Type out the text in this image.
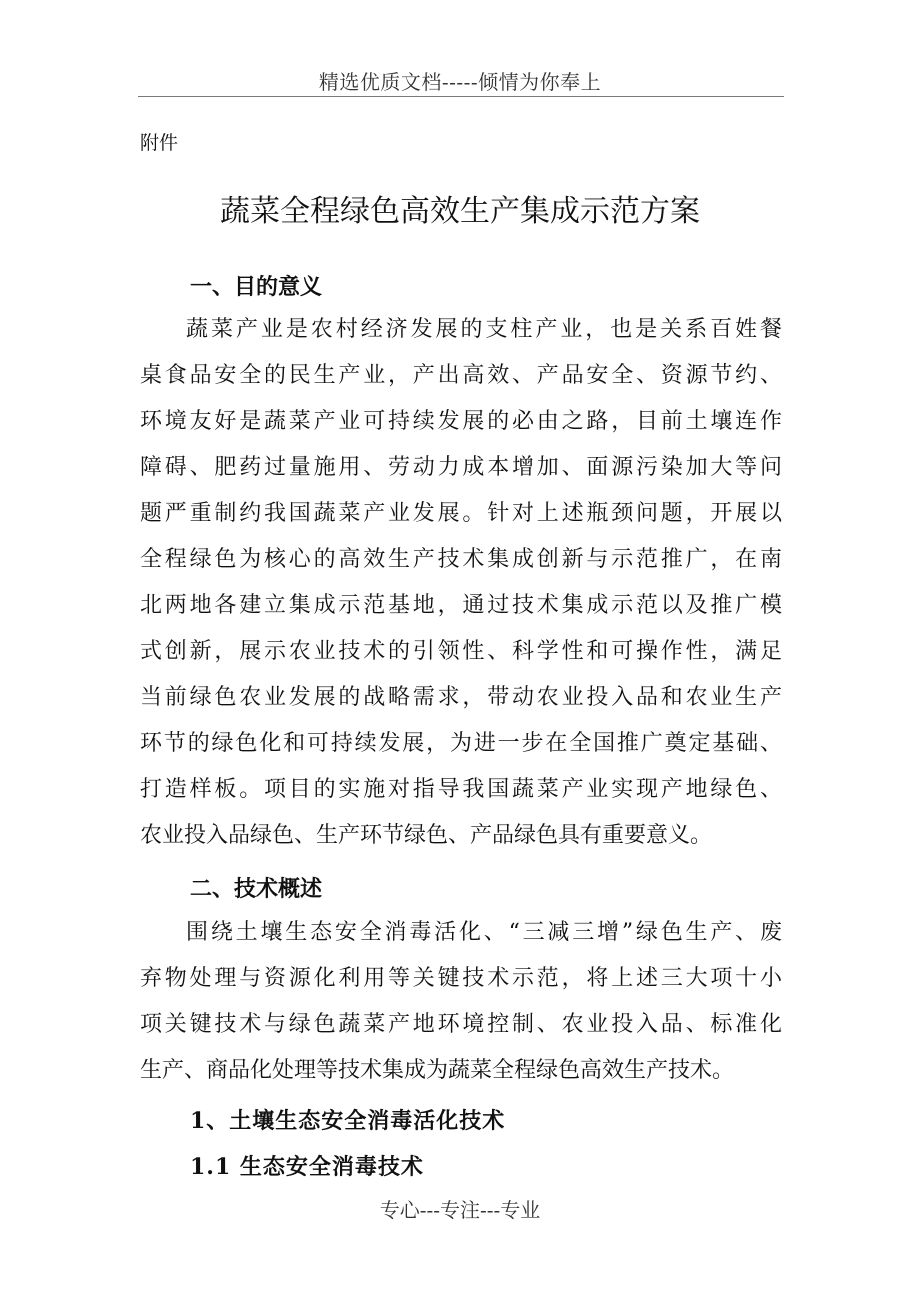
精选优质文档-----倾情为你奉上
附件
蔬菜全程绿色高效生产集成示范方案
一、目的意义
蔬菜产业是农村经济发展的支柱产业，也是关系百姓餐
桌食品安全的民生产业，产出高效、产品安全、资源节约、
环境友好是蔬菜产业可持续发展的必由之路，目前土壤连作
障碍、肥药过量施用、劳动力成本增加、面源污染加大等问
题严重制约我国蔬菜产业发展。针对上述瓶颈问题，开展以
全程绿色为核心的高效生产技术集成创新与示范推广，在南
北两地各建立集成示范基地，通过技术集成示范以及推广模
式创新，展示农业技术的引领性、科学性和可操作性，满足
当前绿色农业发展的战略需求，带动农业投入品和农业生产
环节的绿色化和可持续发展，为进一步在全国推广奠定基础、
打造样板。项目的实施对指导我国蔬菜产业实现产地绿色、
农业投入品绿色、生产环节绿色、产品绿色具有重要意义。
二、技术概述
围绕土壤生态安全消毒活化、“三减三增”绿色生产、废
弃物处理与资源化利用等关键技术示范，将上述三大项十小
项关键技术与绿色蔬菜产地环境控制、农业投入品、标准化
生产、商品化处理等技术集成为蔬菜全程绿色高效生产技术。
1、土壤生态安全消毒活化技术
1.1 生态安全消毒技术
专心---专注---专业
